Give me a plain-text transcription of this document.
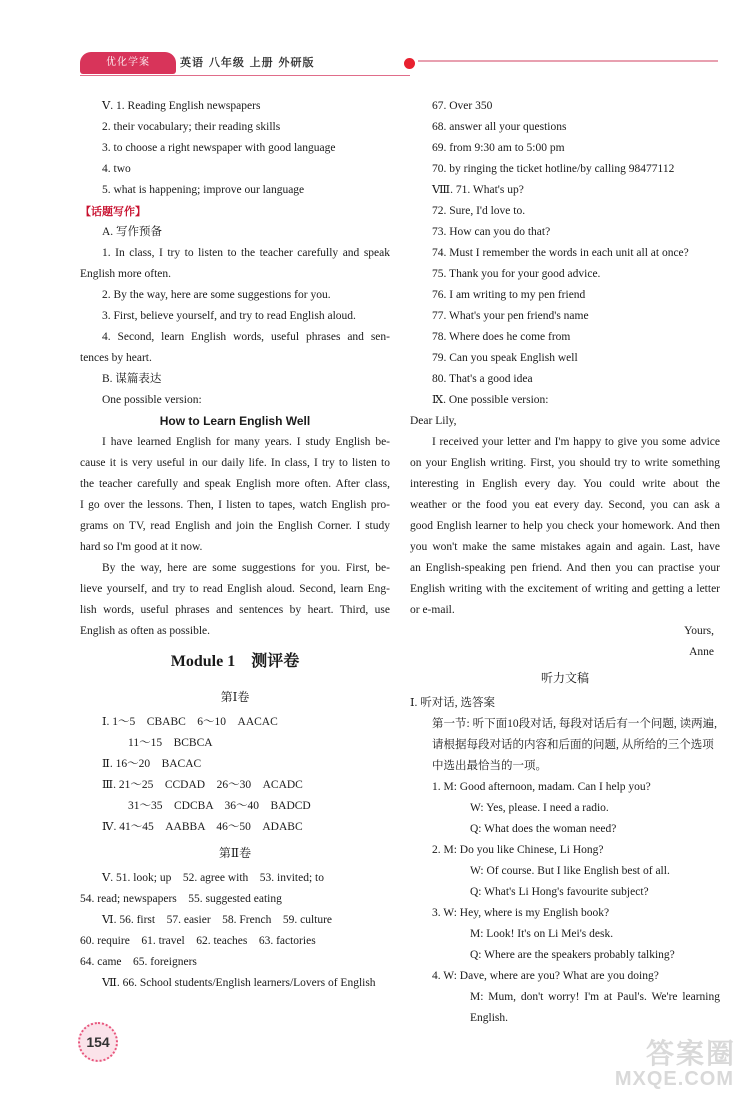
优化学案	英语 八年级 上册 外研版
Ⅴ. 1. Reading English newspapers
2. their vocabulary; their reading skills
3. to choose a right newspaper with good language
4. two
5. what is happening; improve our language
【话题写作】
A. 写作预备
1. In class, I try to listen to the teacher carefully and speak
English more often.
2. By the way, here are some suggestions for you.
3. First, believe yourself, and try to read English aloud.
4. Second, learn English words, useful phrases and sen-
tences by heart.
B. 谋篇表达
One possible version:
How to Learn English Well
I have learned English for many years. I study English be-
cause it is very useful in our daily life. In class, I try to listen to
the teacher carefully and speak English more often. After class,
I go over the lessons. Then, I listen to tapes, watch English pro-
grams on TV, read English and join the English Corner. I study
hard so I'm good at it now.
By the way, here are some suggestions for you. First, be-
lieve yourself, and try to read English aloud. Second, learn Eng-
lish words, useful phrases and sentences by heart. Third, use
English as often as possible.
Module 1　测评卷
第Ⅰ卷
Ⅰ. 1～5　CBABC　6～10　AACAC
11～15　BCBCA
Ⅱ. 16～20　BACAC
Ⅲ. 21～25　CCDAD　26～30　ACADC
31～35　CDCBA　36～40　BADCD
Ⅳ. 41～45　AABBA　46～50　ADABC
第Ⅱ卷
Ⅴ. 51. look; up　52. agree with　53. invited; to
54. read; newspapers　55. suggested eating
Ⅵ. 56. first　57. easier　58. French　59. culture
60. require　61. travel　62. teaches　63. factories
64. came　65. foreigners
Ⅶ. 66. School students/English learners/Lovers of English
67. Over 350
68. answer all your questions
69. from 9:30 am to 5:00 pm
70. by ringing the ticket hotline/by calling 98477112
Ⅷ. 71. What's up?
72. Sure, I'd love to.
73. How can you do that?
74. Must I remember the words in each unit all at once?
75. Thank you for your good advice.
76. I am writing to my pen friend
77. What's your pen friend's name
78. Where does he come from
79. Can you speak English well
80. That's a good idea
Ⅸ. One possible version:
Dear Lily,
I received your letter and I'm happy to give you some advice
on your English writing. First, you should try to write something
interesting in English every day. You could write about the
weather or the food you eat every day. Second, you can ask a
good English learner to help you check your homework. And then
you won't make the same mistakes again and again. Last, have
an English-speaking pen friend. And then you can practise your
English writing with the excitement of writing and getting a letter
or e-mail.
Yours,
Anne
听力文稿
Ⅰ. 听对话, 选答案
第一节: 听下面10段对话, 每段对话后有一个问题, 读两遍, 请根据每段对话的内容和后面的问题, 从所给的三个选项中选出最恰当的一项。
1. M: Good afternoon, madam. Can I help you?
W: Yes, please. I need a radio.
Q: What does the woman need?
2. M: Do you like Chinese, Li Hong?
W: Of course. But I like English best of all.
Q: What's Li Hong's favourite subject?
3. W: Hey, where is my English book?
M: Look! It's on Li Mei's desk.
Q: Where are the speakers probably talking?
4. W: Dave, where are you? What are you doing?
M: Mum, don't worry! I'm at Paul's. We're learning
English.
154	答案圈
MXQE.COM
